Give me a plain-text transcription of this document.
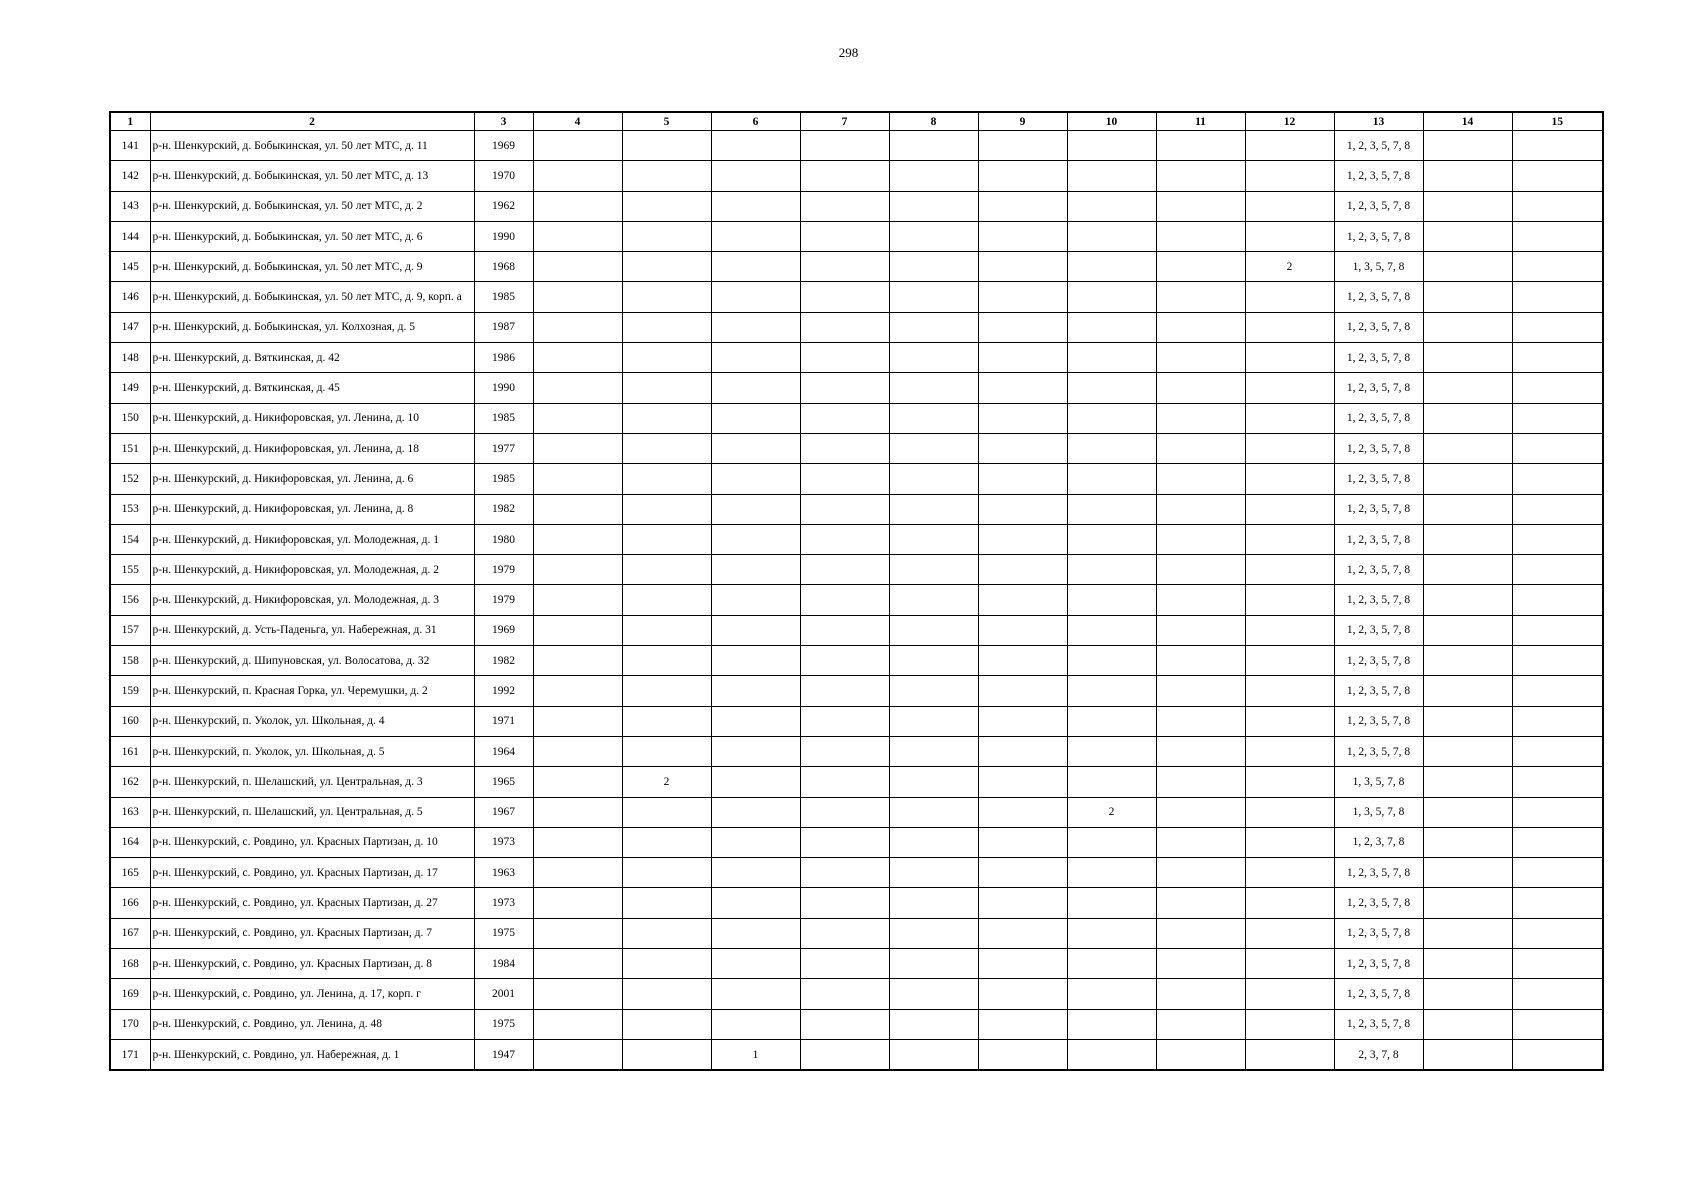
298
1	2	3	4	5	6	7	8	9	10	11	12	13	14	15
141	р-н. Шенкурский, д. Бобыкинская, ул. 50 лет МТС, д. 11	1969										1, 2, 3, 5, 7, 8		
142	р-н. Шенкурский, д. Бобыкинская, ул. 50 лет МТС, д. 13	1970										1, 2, 3, 5, 7, 8		
143	р-н. Шенкурский, д. Бобыкинская, ул. 50 лет МТС, д. 2	1962										1, 2, 3, 5, 7, 8		
144	р-н. Шенкурский, д. Бобыкинская, ул. 50 лет МТС, д. 6	1990										1, 2, 3, 5, 7, 8		
145	р-н. Шенкурский, д. Бобыкинская, ул. 50 лет МТС, д. 9	1968									2	1, 3, 5, 7, 8		
146	р-н. Шенкурский, д. Бобыкинская, ул. 50 лет МТС, д. 9, корп. а	1985										1, 2, 3, 5, 7, 8		
147	р-н. Шенкурский, д. Бобыкинская, ул. Колхозная, д. 5	1987										1, 2, 3, 5, 7, 8		
148	р-н. Шенкурский, д. Вяткинская, д. 42	1986										1, 2, 3, 5, 7, 8		
149	р-н. Шенкурский, д. Вяткинская, д. 45	1990										1, 2, 3, 5, 7, 8		
150	р-н. Шенкурский, д. Никифоровская, ул. Ленина, д. 10	1985										1, 2, 3, 5, 7, 8		
151	р-н. Шенкурский, д. Никифоровская, ул. Ленина, д. 18	1977										1, 2, 3, 5, 7, 8		
152	р-н. Шенкурский, д. Никифоровская, ул. Ленина, д. 6	1985										1, 2, 3, 5, 7, 8		
153	р-н. Шенкурский, д. Никифоровская, ул. Ленина, д. 8	1982										1, 2, 3, 5, 7, 8		
154	р-н. Шенкурский, д. Никифоровская, ул. Молодежная, д. 1	1980										1, 2, 3, 5, 7, 8		
155	р-н. Шенкурский, д. Никифоровская, ул. Молодежная, д. 2	1979										1, 2, 3, 5, 7, 8		
156	р-н. Шенкурский, д. Никифоровская, ул. Молодежная, д. 3	1979										1, 2, 3, 5, 7, 8		
157	р-н. Шенкурский, д. Усть-Паденьга, ул. Набережная, д. 31	1969										1, 2, 3, 5, 7, 8		
158	р-н. Шенкурский, д. Шипуновская, ул. Волосатова, д. 32	1982										1, 2, 3, 5, 7, 8		
159	р-н. Шенкурский, п. Красная Горка, ул. Черемушки, д. 2	1992										1, 2, 3, 5, 7, 8		
160	р-н. Шенкурский, п. Уколок, ул. Школьная, д. 4	1971										1, 2, 3, 5, 7, 8		
161	р-н. Шенкурский, п. Уколок, ул. Школьная, д. 5	1964										1, 2, 3, 5, 7, 8		
162	р-н. Шенкурский, п. Шелашский, ул. Центральная, д. 3	1965		2								1, 3, 5, 7, 8		
163	р-н. Шенкурский, п. Шелашский, ул. Центральная, д. 5	1967							2			1, 3, 5, 7, 8		
164	р-н. Шенкурский, с. Ровдино, ул. Красных Партизан, д. 10	1973										1, 2, 3, 7, 8		
165	р-н. Шенкурский, с. Ровдино, ул. Красных Партизан, д. 17	1963										1, 2, 3, 5, 7, 8		
166	р-н. Шенкурский, с. Ровдино, ул. Красных Партизан, д. 27	1973										1, 2, 3, 5, 7, 8		
167	р-н. Шенкурский, с. Ровдино, ул. Красных Партизан, д. 7	1975										1, 2, 3, 5, 7, 8		
168	р-н. Шенкурский, с. Ровдино, ул. Красных Партизан, д. 8	1984										1, 2, 3, 5, 7, 8		
169	р-н. Шенкурский, с. Ровдино, ул. Ленина, д. 17, корп. г	2001										1, 2, 3, 5, 7, 8		
170	р-н. Шенкурский, с. Ровдино, ул. Ленина, д. 48	1975										1, 2, 3, 5, 7, 8		
171	р-н. Шенкурский, с. Ровдино, ул. Набережная, д. 1	1947			1							2, 3, 7, 8		
